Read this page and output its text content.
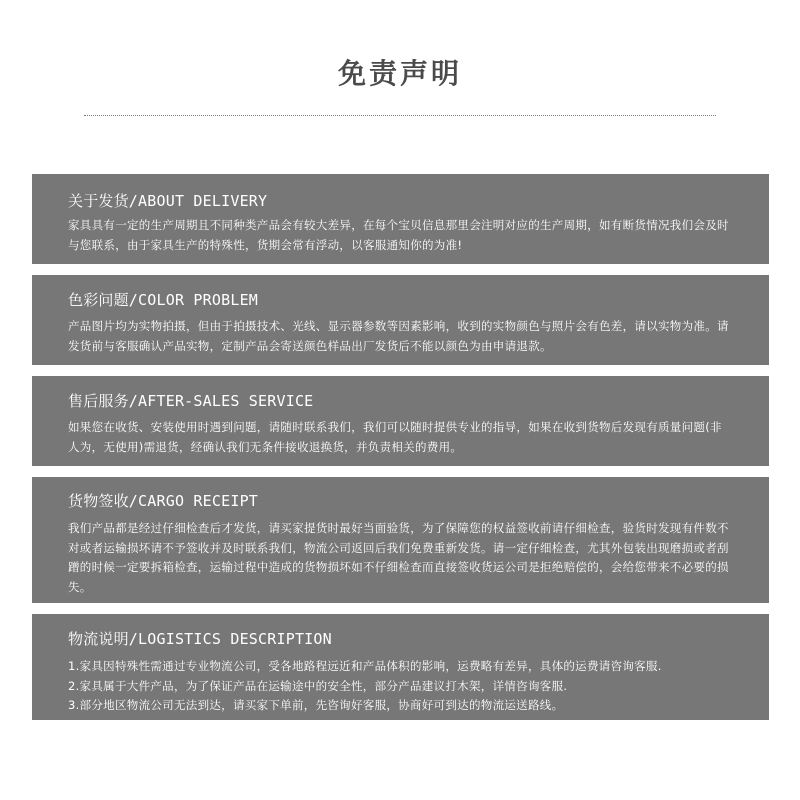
免责声明
关于发货/ABOUT DELIVERY

家具具有一定的生产周期且不同种类产品会有较大差异，在每个宝贝信息那里会注明对应的生产周期，如有断货情况我们会及时与您联系，由于家具生产的特殊性，货期会常有浮动，以客服通知你的为准!

色彩问题/COLOR PROBLEM

产品图片均为实物拍摄，但由于拍摄技术、光线、显示器参数等因素影响，收到的实物颜色与照片会有色差，请以实物为准。请发货前与客服确认产品实物，定制产品会寄送颜色样品出厂发货后不能以颜色为由申请退款。

售后服务/AFTER-SALES SERVICE

如果您在收货、安装使用时遇到问题，请随时联系我们，我们可以随时提供专业的指导，如果在收到货物后发现有质量问题(非人为，无使用)需退货，经确认我们无条件接收退换货，并负责相关的费用。

货物签收/CARGO RECEIPT

我们产品都是经过仔细检查后才发货，请买家提货时最好当面验货，为了保障您的权益签收前请仔细检查，验货时发现有件数不对或者运输损坏请不予签收并及时联系我们，物流公司返回后我们免费重新发货。请一定仔细检查，尤其外包装出现磨损或者刮蹭的时候一定要拆箱检查，运输过程中造成的货物损坏如不仔细检查而直接签收货运公司是拒绝赔偿的，会给您带来不必要的损失。

物流说明/LOGISTICS DESCRIPTION

1.家具因特殊性需通过专业物流公司，受各地路程远近和产品体积的影响，运费略有差异，具体的运费请咨询客服.

2.家具属于大件产品，为了保证产品在运输途中的安全性，部分产品建议打木架，详情咨询客服.

3.部分地区物流公司无法到达，请买家下单前，先咨询好客服，协商好可到达的物流运送路线。
